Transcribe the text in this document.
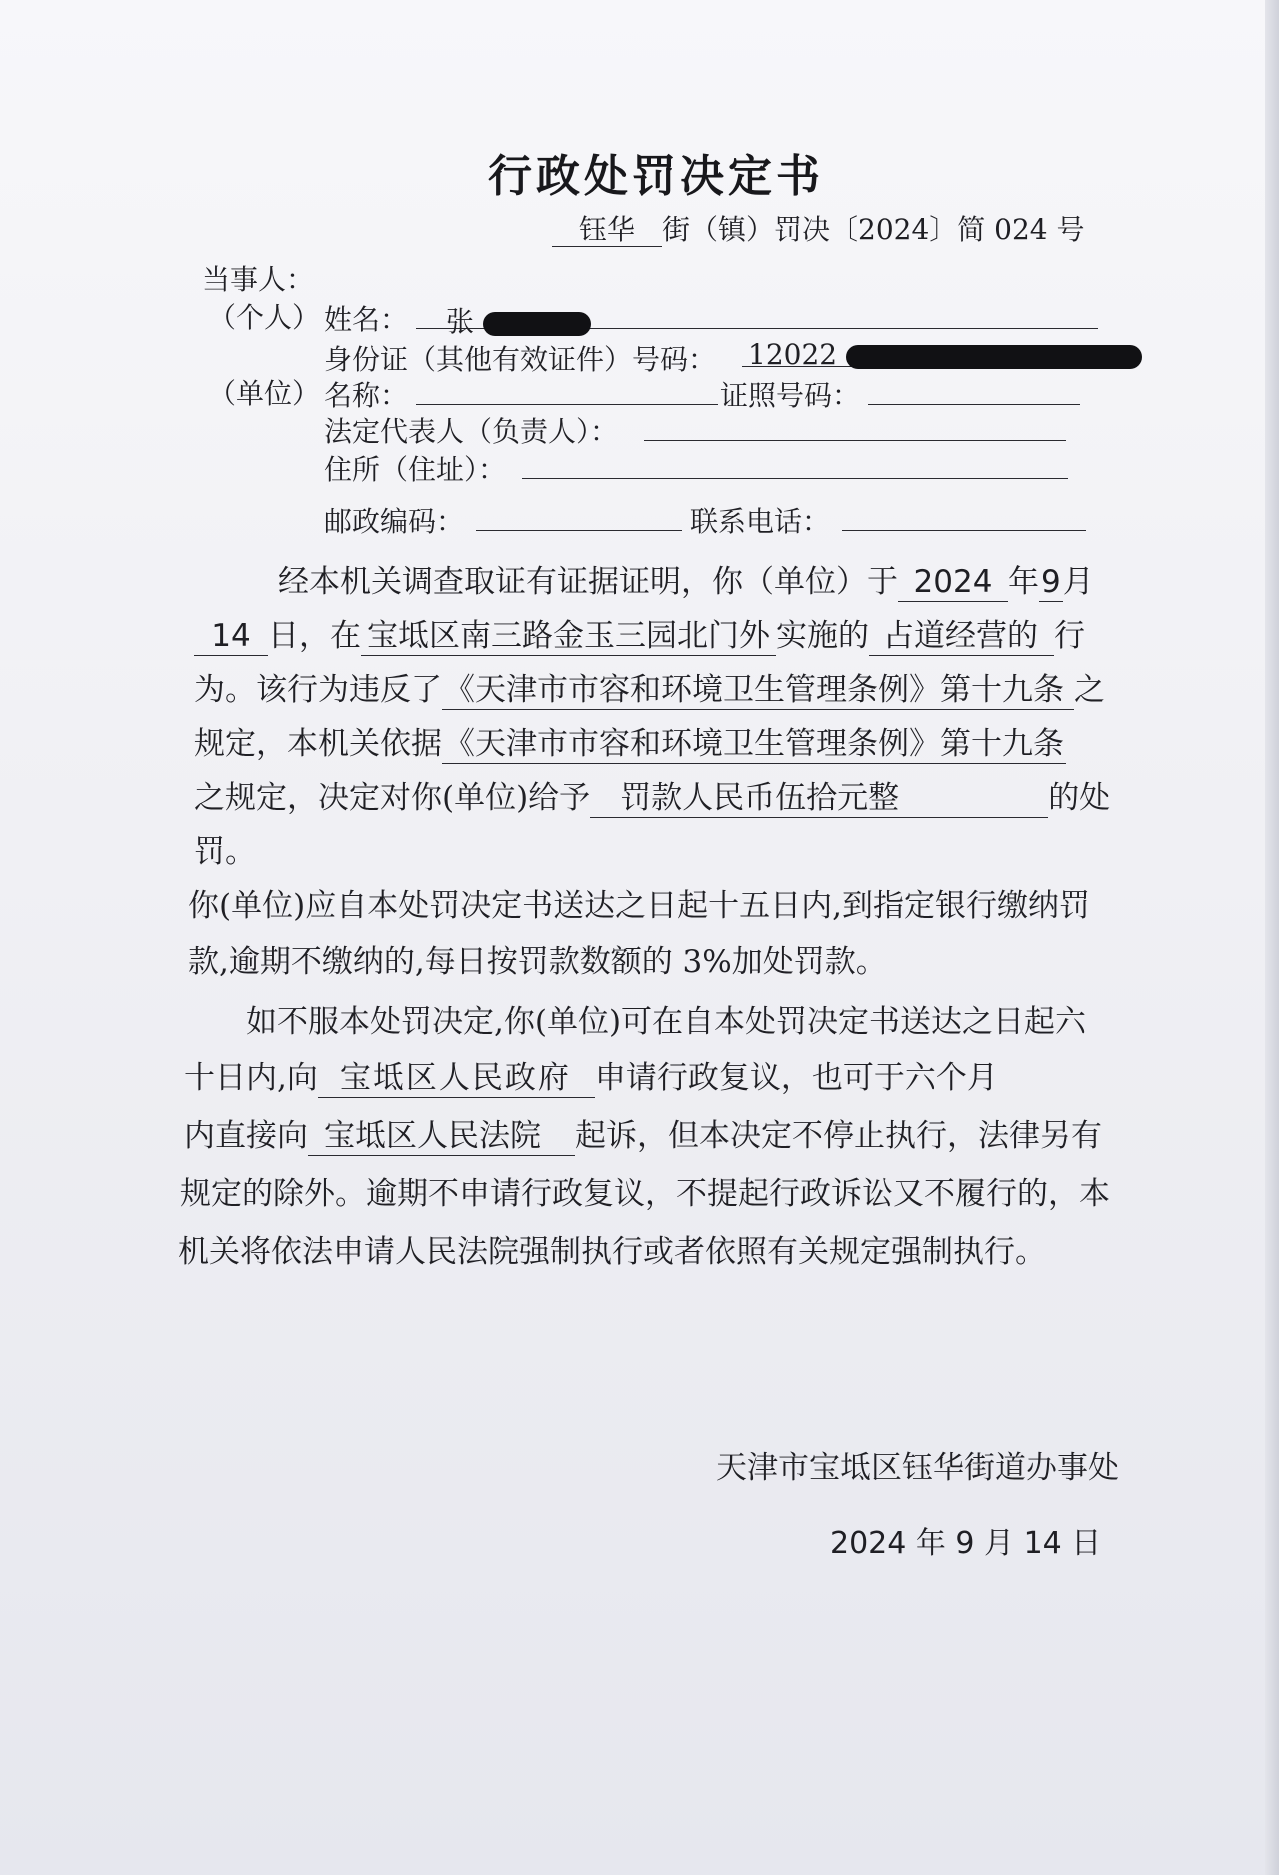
行政处罚决定书
钰华 街（镇）罚决〔2024〕简 024 号
当事人：
（个人） 姓名： 张
身份证（其他有效证件）号码： 12022
（单位） 名称：	证照号码：
法定代表人（负责人）：
住所（住址）：
邮政编码：	联系电话：
经本机关调查取证有证据证明，你（单位）于 2024 年9月
14 日，在 宝坻区南三路金玉三园北门外 实施的 占道经营的 行
为。该行为违反了《天津市市容和环境卫生管理条例》第十九条 之
规定，本机关依据《天津市市容和环境卫生管理条例》第十九条
之规定，决定对你(单位)给予 罚款人民币伍拾元整	的处
罚。
你(单位)应自本处罚决定书送达之日起十五日内,到指定银行缴纳罚
款,逾期不缴纳的,每日按罚款数额的 3%加处罚款。
如不服本处罚决定,你(单位)可在自本处罚决定书送达之日起六
十日内,向 宝坻区人民政府 申请行政复议，也可于六个月
内直接向 宝坻区人民法院 起诉，但本决定不停止执行，法律另有
规定的除外。逾期不申请行政复议，不提起行政诉讼又不履行的，本
机关将依法申请人民法院强制执行或者依照有关规定强制执行。
天津市宝坻区钰华街道办事处
2024 年 9 月 14 日
